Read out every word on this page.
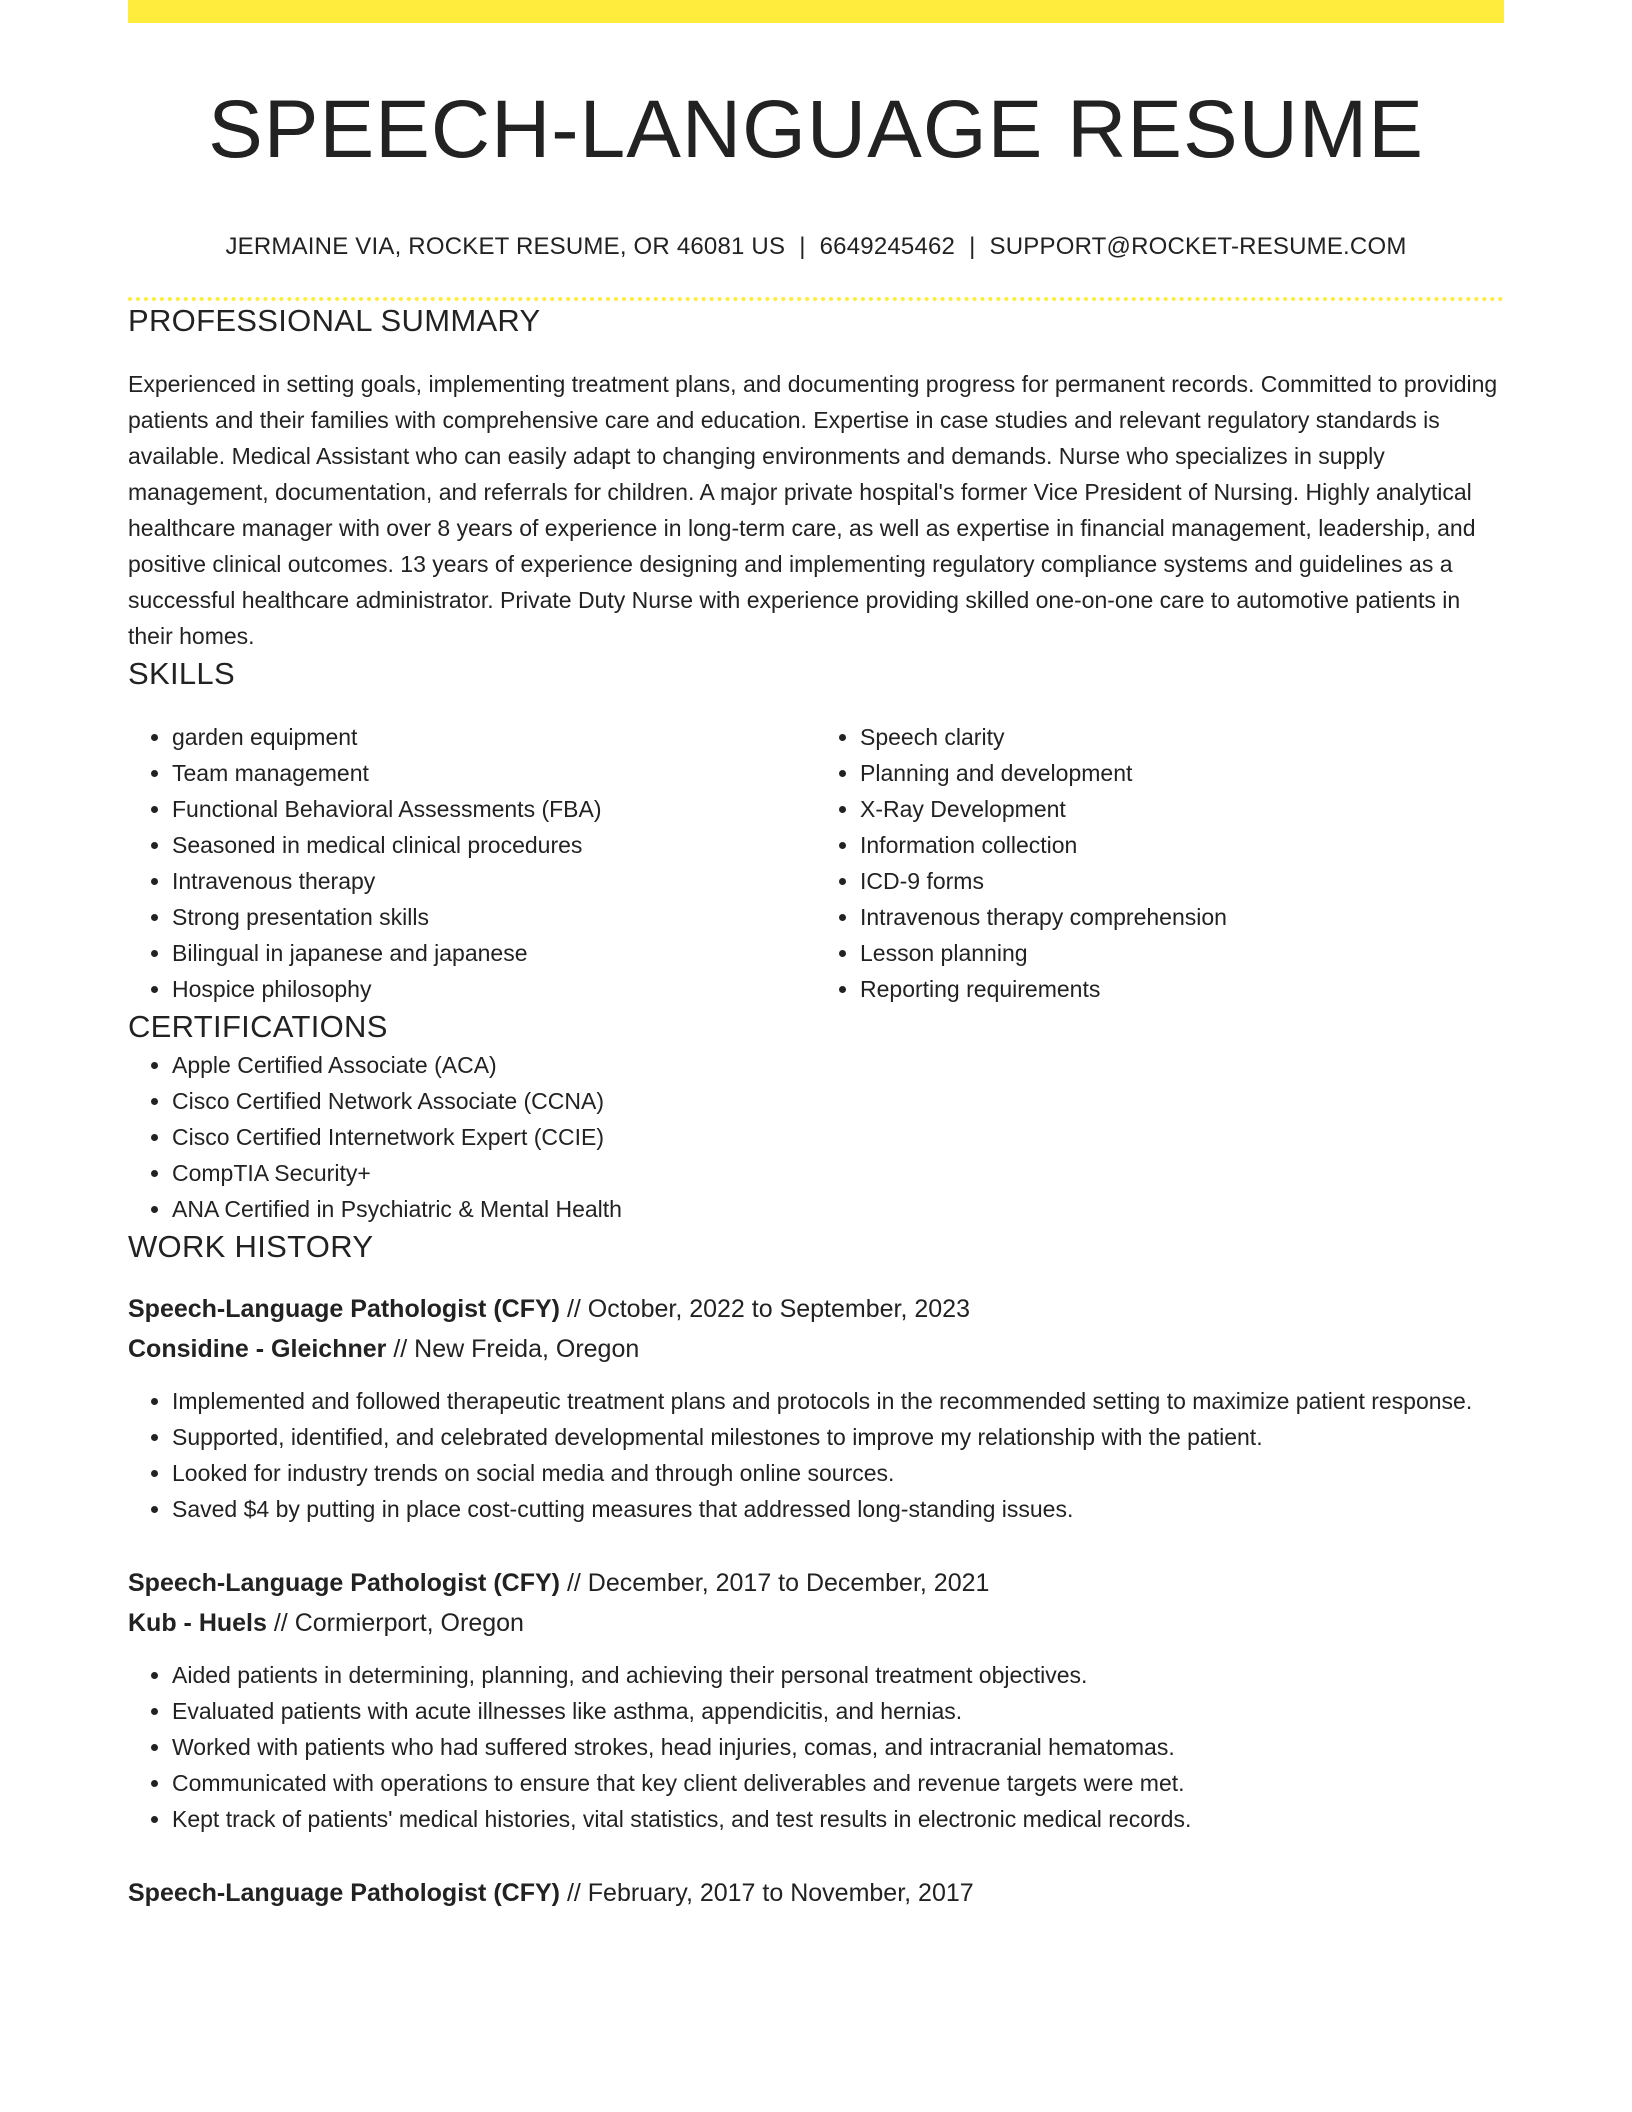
SPEECH-LANGUAGE RESUME
JERMAINE VIA, ROCKET RESUME, OR 46081 US | 6649245462 | SUPPORT@ROCKET-RESUME.COM
PROFESSIONAL SUMMARY

Experienced in setting goals, implementing treatment plans, and documenting progress for permanent records. Committed to providing patients and their families with comprehensive care and education. Expertise in case studies and relevant regulatory standards is available. Medical Assistant who can easily adapt to changing environments and demands. Nurse who specializes in supply management, documentation, and referrals for children. A major private hospital's former Vice President of Nursing. Highly analytical healthcare manager with over 8 years of experience in long-term care, as well as expertise in financial management, leadership, and positive clinical outcomes. 13 years of experience designing and implementing regulatory compliance systems and guidelines as a successful healthcare administrator. Private Duty Nurse with experience providing skilled one-on-one care to automotive patients in their homes.

SKILLS
• garden equipment
• Team management
• Functional Behavioral Assessments (FBA)
• Seasoned in medical clinical procedures
• Intravenous therapy
• Strong presentation skills
• Bilingual in japanese and japanese
• Hospice philosophy
• Speech clarity
• Planning and development
• X-Ray Development
• Information collection
• ICD-9 forms
• Intravenous therapy comprehension
• Lesson planning
• Reporting requirements
CERTIFICATIONS
• Apple Certified Associate (ACA)
• Cisco Certified Network Associate (CCNA)
• Cisco Certified Internetwork Expert (CCIE)
• CompTIA Security+
• ANA Certified in Psychiatric & Mental Health
WORK HISTORY
Speech-Language Pathologist (CFY) // October, 2022 to September, 2023
Considine - Gleichner // New Freida, Oregon
• Implemented and followed therapeutic treatment plans and protocols in the recommended setting to maximize patient response.
• Supported, identified, and celebrated developmental milestones to improve my relationship with the patient.
• Looked for industry trends on social media and through online sources.
• Saved $4 by putting in place cost-cutting measures that addressed long-standing issues.
Speech-Language Pathologist (CFY) // December, 2017 to December, 2021
Kub - Huels // Cormierport, Oregon
• Aided patients in determining, planning, and achieving their personal treatment objectives.
• Evaluated patients with acute illnesses like asthma, appendicitis, and hernias.
• Worked with patients who had suffered strokes, head injuries, comas, and intracranial hematomas.
• Communicated with operations to ensure that key client deliverables and revenue targets were met.
• Kept track of patients' medical histories, vital statistics, and test results in electronic medical records.
Speech-Language Pathologist (CFY) // February, 2017 to November, 2017
